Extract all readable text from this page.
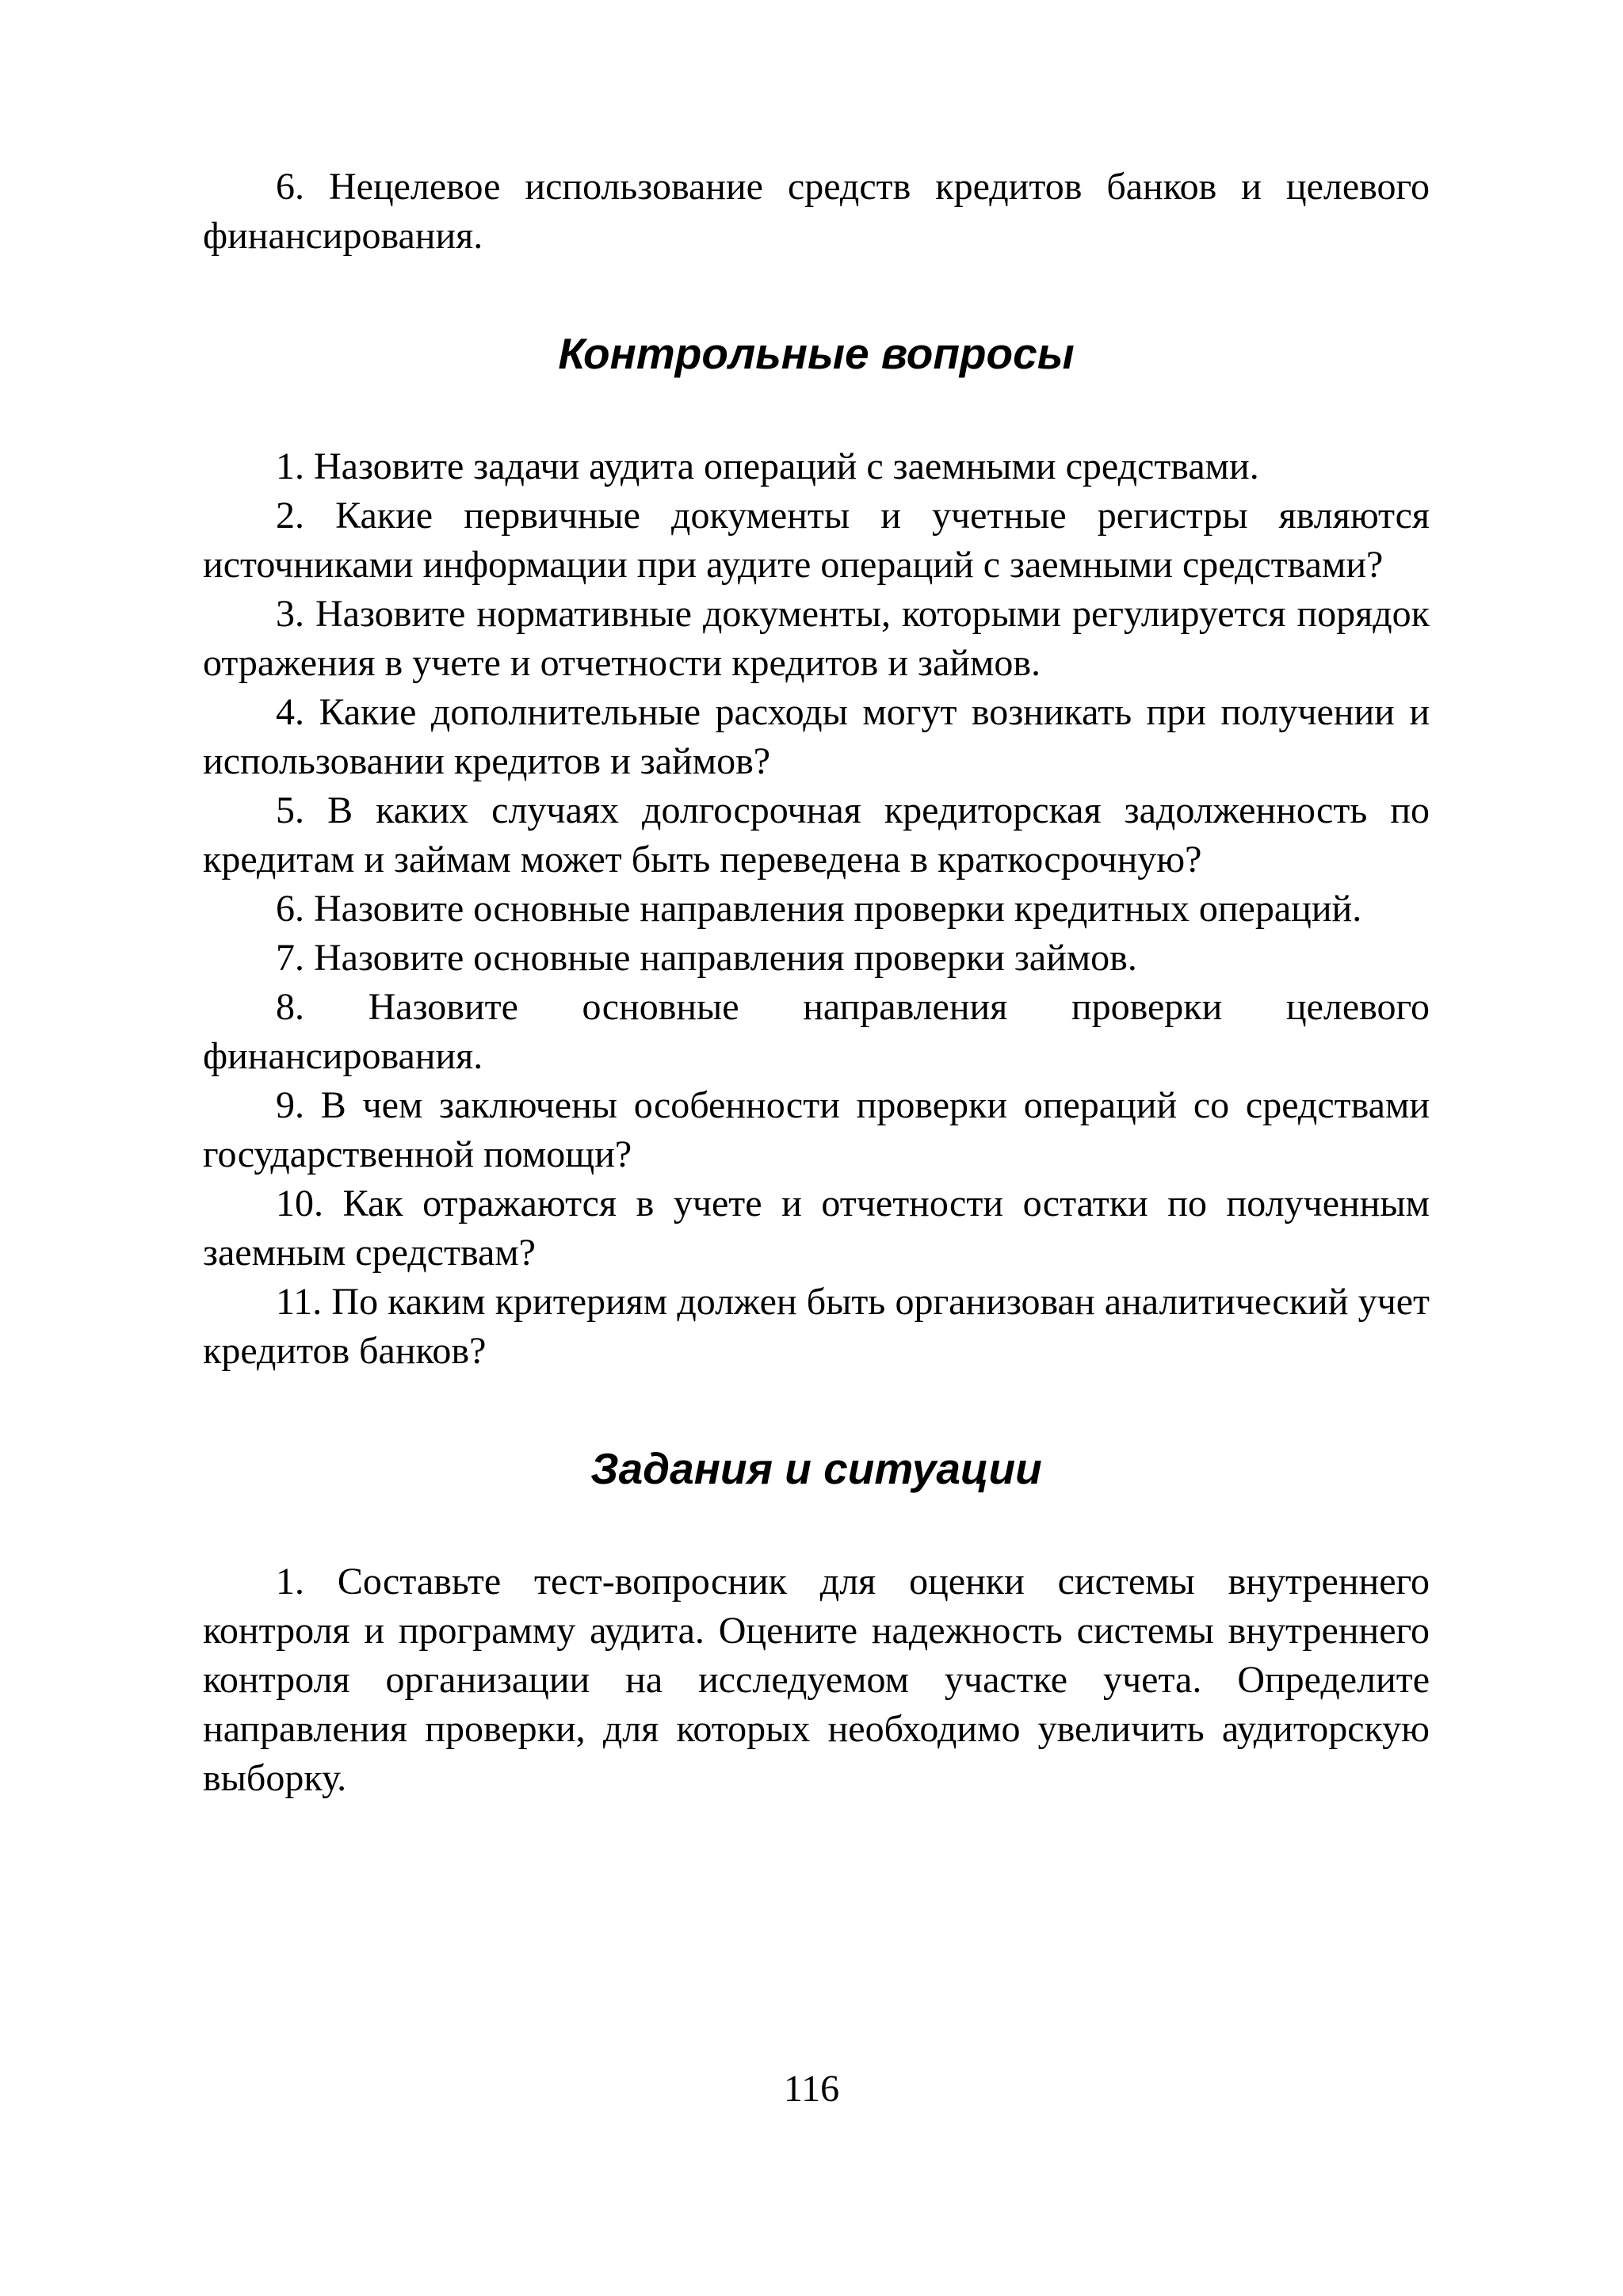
6. Нецелевое использование средств кредитов банков и целевого финансирования.

Контрольные вопросы

1. Назовите задачи аудита операций с заемными средствами.

2. Какие первичные документы и учетные регистры являются источниками информации при аудите операций с заемными средствами?

3. Назовите нормативные документы, которыми регулируется порядок отражения в учете и отчетности кредитов и займов.

4. Какие дополнительные расходы могут возникать при получении и использовании кредитов и займов?

5. В каких случаях долгосрочная кредиторская задолженность по кредитам и займам может быть переведена в краткосрочную?

6. Назовите основные направления проверки кредитных операций.

7. Назовите основные направления проверки займов.

8. Назовите основные направления проверки целевого финансирования.

9. В чем заключены особенности проверки операций со средствами государственной помощи?

10. Как отражаются в учете и отчетности остатки по полученным заемным средствам?

11. По каким критериям должен быть организован аналитический учет кредитов банков?

Задания и ситуации

1. Составьте тест-вопросник для оценки системы внутреннего контроля и программу аудита. Оцените надежность системы внутреннего контроля организации на исследуемом участке учета. Определите направления проверки, для которых необходимо увеличить аудиторскую выборку.

116
